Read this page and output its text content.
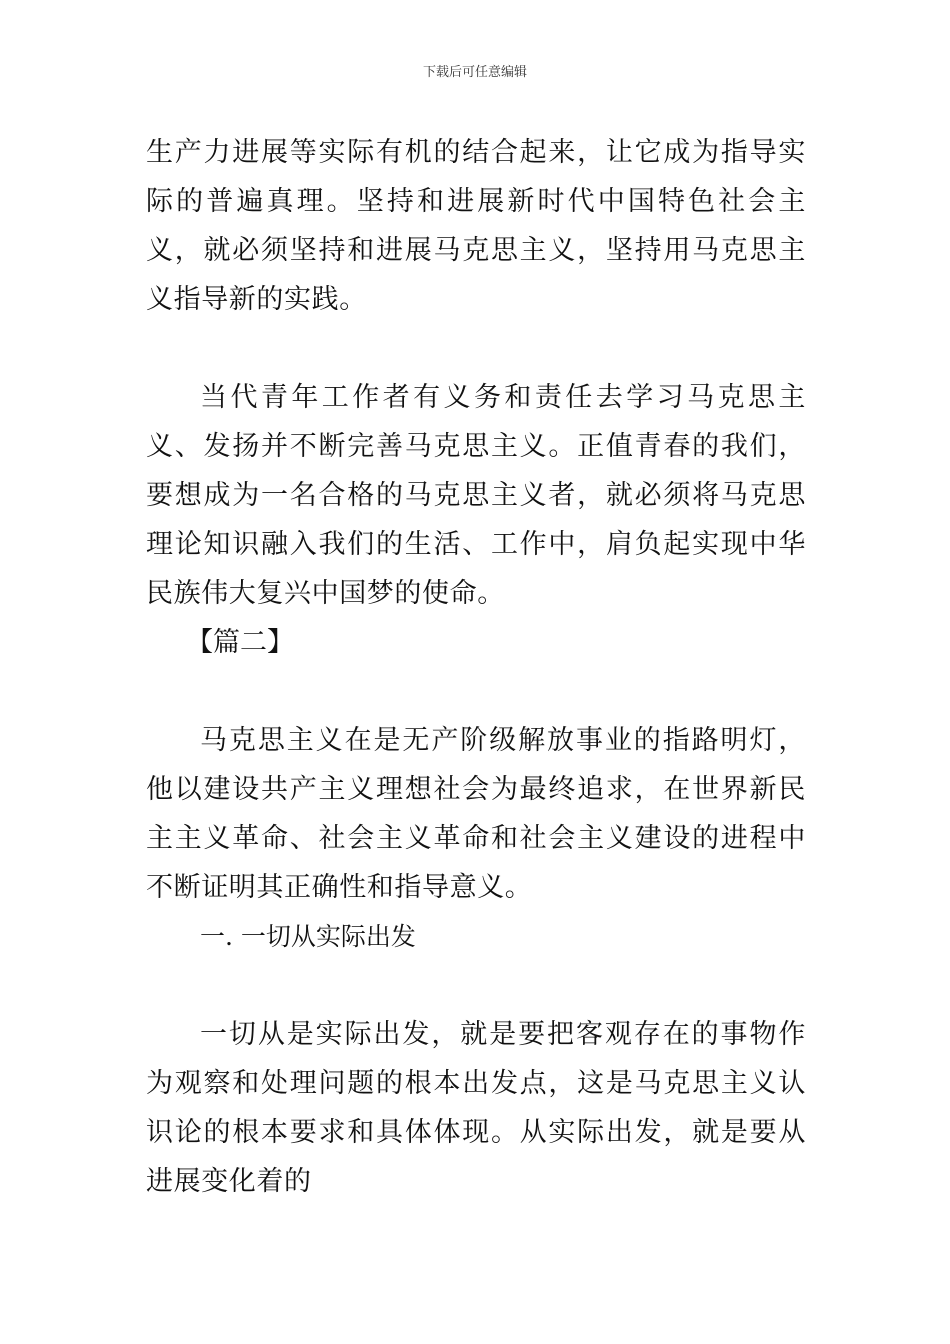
下载后可任意编辑

生产力进展等实际有机的结合起来，让它成为指导实际的普遍真理。坚持和进展新时代中国特色社会主义，就必须坚持和进展马克思主义，坚持用马克思主义指导新的实践。

当代青年工作者有义务和责任去学习马克思主义、发扬并不断完善马克思主义。正值青春的我们，要想成为一名合格的马克思主义者，就必须将马克思理论知识融入我们的生活、工作中，肩负起实现中华民族伟大复兴中国梦的使命。

【篇二】

马克思主义在是无产阶级解放事业的指路明灯，他以建设共产主义理想社会为最终追求，在世界新民主主义革命、社会主义革命和社会主义建设的进程中不断证明其正确性和指导意义。

一. 一切从实际出发

一切从是实际出发，就是要把客观存在的事物作为观察和处理问题的根本出发点，这是马克思主义认识论的根本要求和具体体现。从实际出发，就是要从进展变化着的
